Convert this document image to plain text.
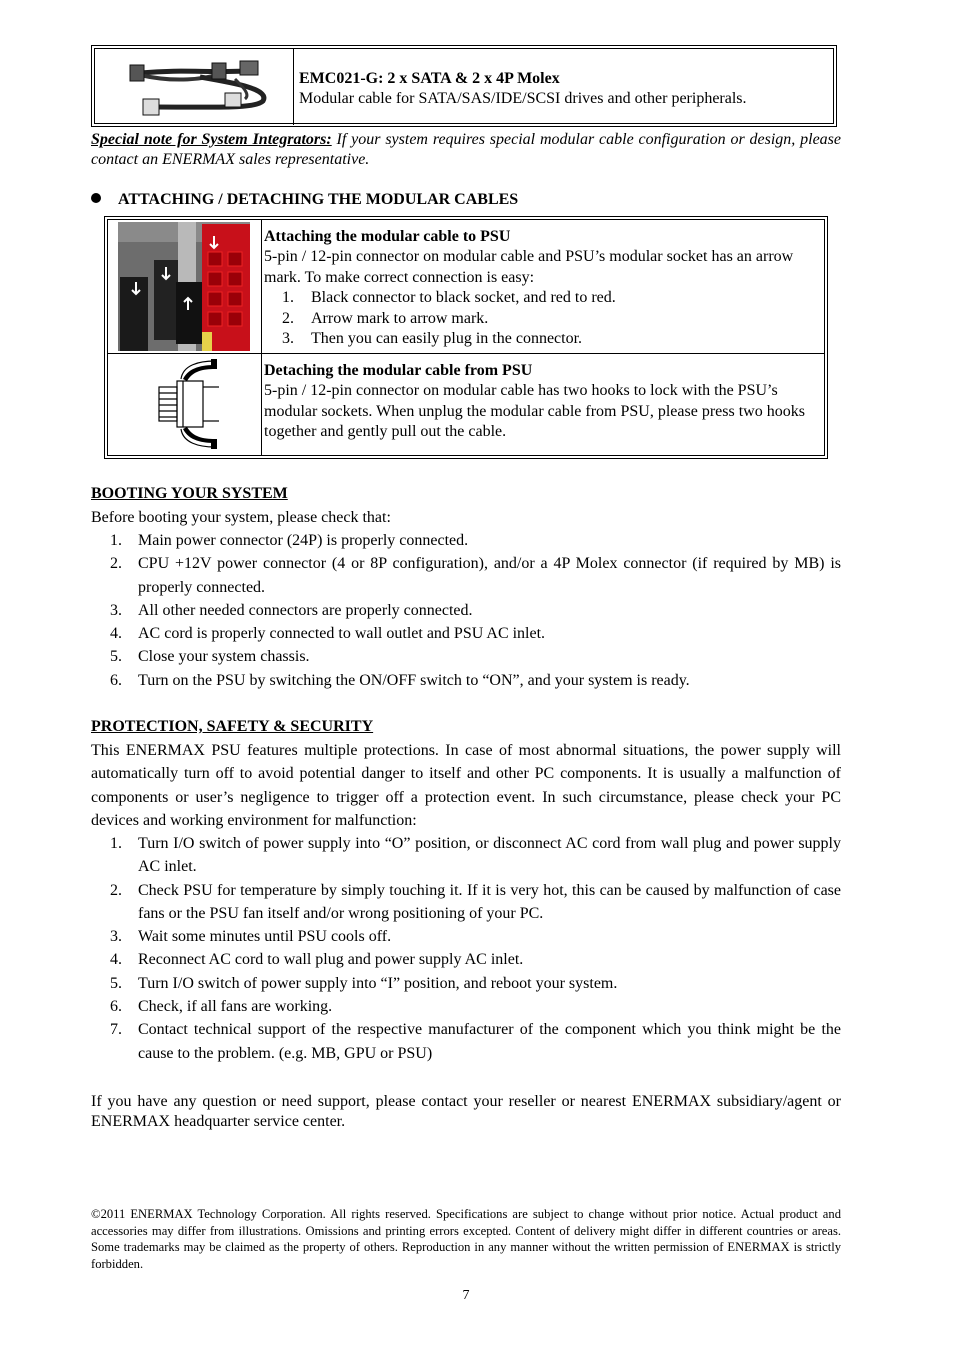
EMC021-G: 2 x SATA & 2 x 4P Molex
Modular cable for SATA/SAS/IDE/SCSI drives and other peripherals.
Special note for System Integrators: If your system requires special modular cable configuration or design, please contact an ENERMAX sales representative.
ATTACHING / DETACHING THE MODULAR CABLES
Attaching the modular cable to PSU
5-pin / 12-pin connector on modular cable and PSU’s modular socket has an arrow mark. To make correct connection is easy:
1. Black connector to black socket, and red to red.
2. Arrow mark to arrow mark.
3. Then you can easily plug in the connector.
Detaching the modular cable from PSU
5-pin / 12-pin connector on modular cable has two hooks to lock with the PSU’s modular sockets. When unplug the modular cable from PSU, please press two hooks together and gently pull out the cable.
BOOTING YOUR SYSTEM
Before booting your system, please check that:
1. Main power connector (24P) is properly connected.
2. CPU +12V power connector (4 or 8P configuration), and/or a 4P Molex connector (if required by MB) is properly connected.
3. All other needed connectors are properly connected.
4. AC cord is properly connected to wall outlet and PSU AC inlet.
5. Close your system chassis.
6. Turn on the PSU by switching the ON/OFF switch to “ON”, and your system is ready.
PROTECTION, SAFETY & SECURITY
This ENERMAX PSU features multiple protections. In case of most abnormal situations, the power supply will automatically turn off to avoid potential danger to itself and other PC components. It is usually a malfunction of components or user’s negligence to trigger off a protection event. In such circumstance, please check your PC devices and working environment for malfunction:
1. Turn I/O switch of power supply into “O” position, or disconnect AC cord from wall plug and power supply AC inlet.
2. Check PSU for temperature by simply touching it. If it is very hot, this can be caused by malfunction of case fans or the PSU fan itself and/or wrong positioning of your PC.
3. Wait some minutes until PSU cools off.
4. Reconnect AC cord to wall plug and power supply AC inlet.
5. Turn I/O switch of power supply into “I” position, and reboot your system.
6. Check, if all fans are working.
7. Contact technical support of the respective manufacturer of the component which you think might be the cause to the problem. (e.g. MB, GPU or PSU)
If you have any question or need support, please contact your reseller or nearest ENERMAX subsidiary/agent or ENERMAX headquarter service center.
©2011 ENERMAX Technology Corporation. All rights reserved. Specifications are subject to change without prior notice. Actual product and accessories may differ from illustrations. Omissions and printing errors excepted. Content of delivery might differ in different countries or areas. Some trademarks may be claimed as the property of others. Reproduction in any manner without the written permission of ENERMAX is strictly forbidden.
7
